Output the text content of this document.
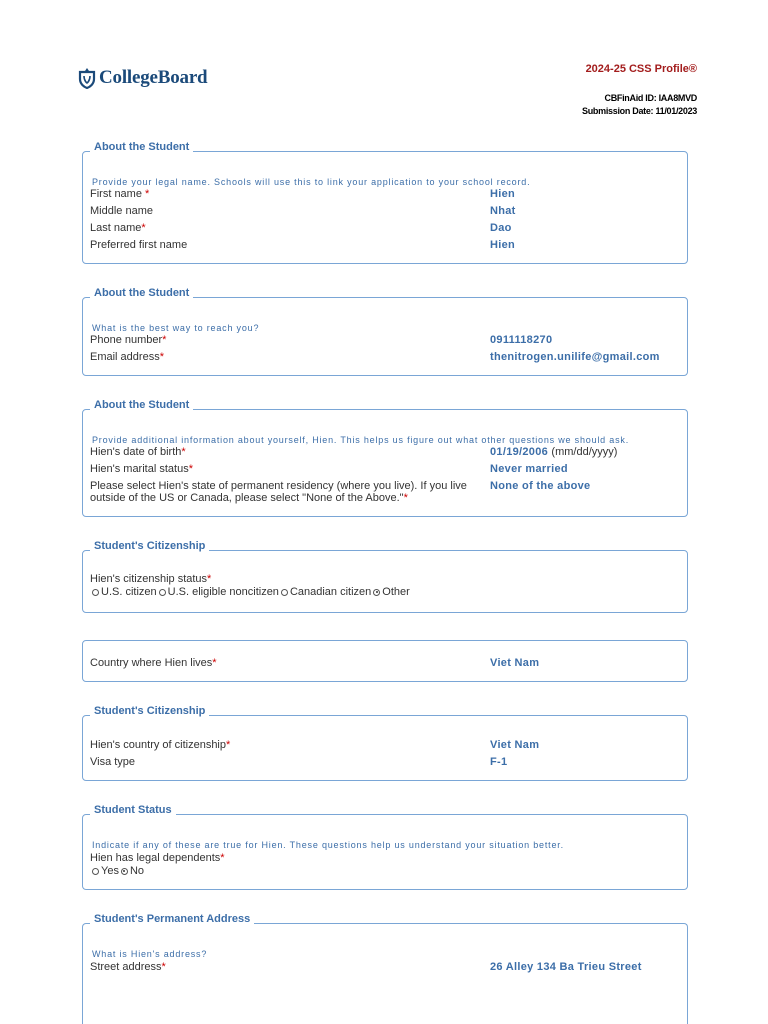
CollegeBoard	2024-25 CSS Profile®
CBFinAid ID: IAA8MVD
Submission Date: 11/01/2023
About the Student
Provide your legal name. Schools will use this to link your application to your school record.
First name *	Hien
Middle name	Nhat
Last name*	Dao
Preferred first name	Hien
About the Student
What is the best way to reach you?
Phone number*	0911118270
Email address*	thenitrogen.unilife@gmail.com
About the Student
Provide additional information about yourself, Hien. This helps us figure out what other questions we should ask.
Hien's date of birth*	01/19/2006 (mm/dd/yyyy)
Hien's marital status*	Never married
Please select Hien's state of permanent residency (where you live). If you live outside of the US or Canada, please select "None of the Above."*
None of the above
Student's Citizenship
Hien's citizenship status*
U.S. citizen U.S. eligible noncitizen Canadian citizen Other
Country where Hien lives*	Viet Nam
Student's Citizenship
Hien's country of citizenship*	Viet Nam
Visa type	F-1
Student Status
Indicate if any of these are true for Hien. These questions help us understand your situation better.
Hien has legal dependents*
Yes No
Student's Permanent Address
What is Hien's address?
Street address*	26 Alley 134 Ba Trieu Street
